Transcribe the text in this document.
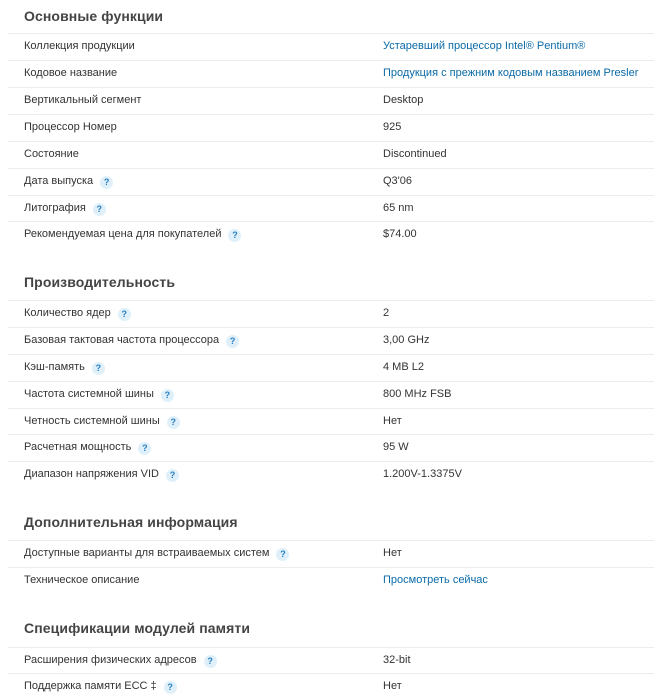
Основные функции
Коллекция продукции	Устаревший процессор Intel® Pentium®
Кодовое название	Продукция с прежним кодовым названием Presler
Вертикальный сегмент	Desktop
Процессор Номер	925
Состояние	Discontinued
Дата выпуска ?	Q3'06
Литография ?	65 nm
Рекомендуемая цена для покупателей ?	$74.00
Производительность
Количество ядер ?	2
Базовая тактовая частота процессора ?	3,00 GHz
Кэш-память ?	4 MB L2
Частота системной шины ?	800 MHz FSB
Четность системной шины ?	Нет
Расчетная мощность ?	95 W
Диапазон напряжения VID ?	1.200V-1.3375V
Дополнительная информация
Доступные варианты для встраиваемых систем ?	Нет
Техническое описание	Просмотреть сейчас
Спецификации модулей памяти
Расширения физических адресов ?	32-bit
Поддержка памяти ECC ‡ ?	Нет
